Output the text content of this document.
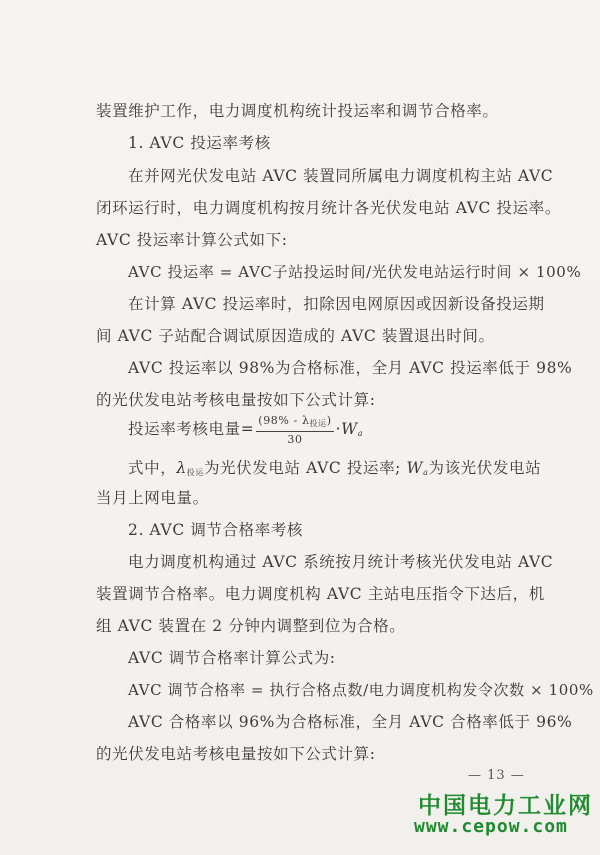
装置维护工作，电力调度机构统计投运率和调节合格率。
1. AVC 投运率考核
在并网光伏发电站 AVC 装置同所属电力调度机构主站 AVC
闭环运行时，电力调度机构按月统计各光伏发电站 AVC 投运率。
AVC 投运率计算公式如下:
AVC 投运率 = AVC子站投运时间/光伏发电站运行时间 × 100%
在计算 AVC 投运率时，扣除因电网原因或因新设备投运期
间 AVC 子站配合调试原因造成的 AVC 装置退出时间。
AVC 投运率以 98%为合格标准，全月 AVC 投运率低于 98%
的光伏发电站考核电量按如下公式计算:
投运率考核电量= $\frac{(98\% - \lambda_{投运})}{30} \cdot W_a$
式中，$\lambda_{投运}$为光伏发电站 AVC 投运率; $W_a$为该光伏发电站
当月上网电量。
2. AVC 调节合格率考核
电力调度机构通过 AVC 系统按月统计考核光伏发电站 AVC
装置调节合格率。电力调度机构 AVC 主站电压指令下达后，机
组 AVC 装置在 2 分钟内调整到位为合格。
AVC 调节合格率计算公式为:
AVC 调节合格率 = 执行合格点数/电力调度机构发令次数 × 100%
AVC 合格率以 96%为合格标准，全月 AVC 合格率低于 96%
的光伏发电站考核电量按如下公式计算:
— 13 —
中国电力工业网
www.cepow.com
